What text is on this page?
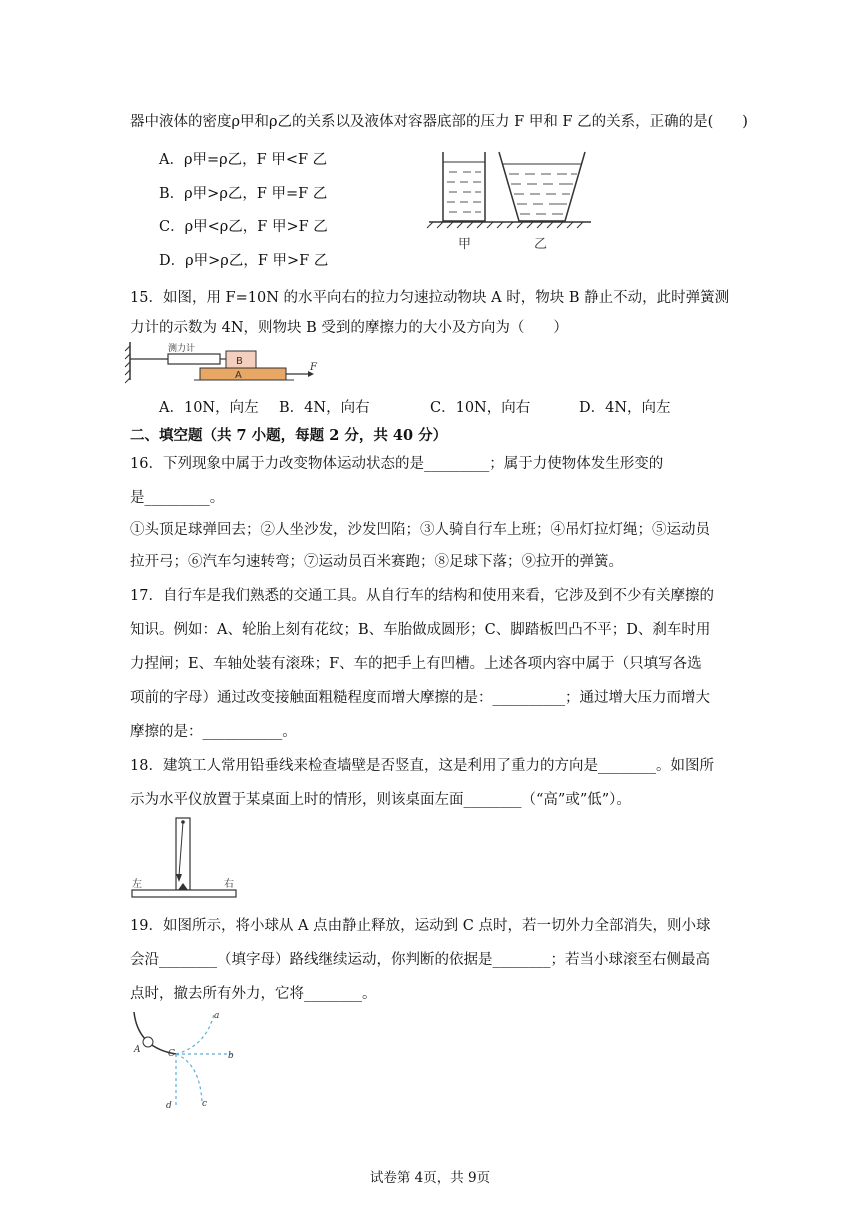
器中液体的密度ρ甲和ρ乙的关系以及液体对容器底部的压力 F 甲和 F 乙的关系，正确的是(　　)
A．ρ甲=ρ乙，F 甲<F 乙
B．ρ甲>ρ乙，F 甲=F 乙
C．ρ甲<ρ乙，F 甲>F 乙
D．ρ甲>ρ乙，F 甲>F 乙
甲	乙
15．如图，用 F=10N 的水平向右的拉力匀速拉动物块 A 时，物块 B 静止不动，此时弹簧测
力计的示数为 4N，则物块 B 受到的摩擦力的大小及方向为（　　）
测力计
B
A
F
A．10N，向左 B．4N，向右	C．10N，向右	D．4N，向左
二、填空题（共 7 小题，每题 2 分，共 40 分）
16．下列现象中属于力改变物体运动状态的是_________；属于力使物体发生形变的
是_________。
①头顶足球弹回去；②人坐沙发，沙发凹陷；③人骑自行车上班；④吊灯拉灯绳；⑤运动员
拉开弓；⑥汽车匀速转弯；⑦运动员百米赛跑；⑧足球下落；⑨拉开的弹簧。
17．自行车是我们熟悉的交通工具。从自行车的结构和使用来看，它涉及到不少有关摩擦的
知识。例如：A、轮胎上刻有花纹；B、车胎做成圆形；C、脚踏板凹凸不平；D、刹车时用
力捏闸；E、车轴处装有滚珠；F、车的把手上有凹槽。上述各项内容中属于（只填写各选
项前的字母）通过改变接触面粗糙程度而增大摩擦的是：__________；通过增大压力而增大
摩擦的是：___________。
18．建筑工人常用铅垂线来检查墙壁是否竖直，这是利用了重力的方向是________。如图所
示为水平仪放置于某桌面上时的情形，则该桌面左面________（“高”或”低”）。
左	右
19．如图所示，将小球从 A 点由静止释放，运动到 C 点时，若一切外力全部消失，则小球
会沿________（填字母）路线继续运动，你判断的依据是________；若当小球滚至右侧最高
点时，撤去所有外力，它将________。
A	C
a
b
c
d
试卷第 4页，共 9页
